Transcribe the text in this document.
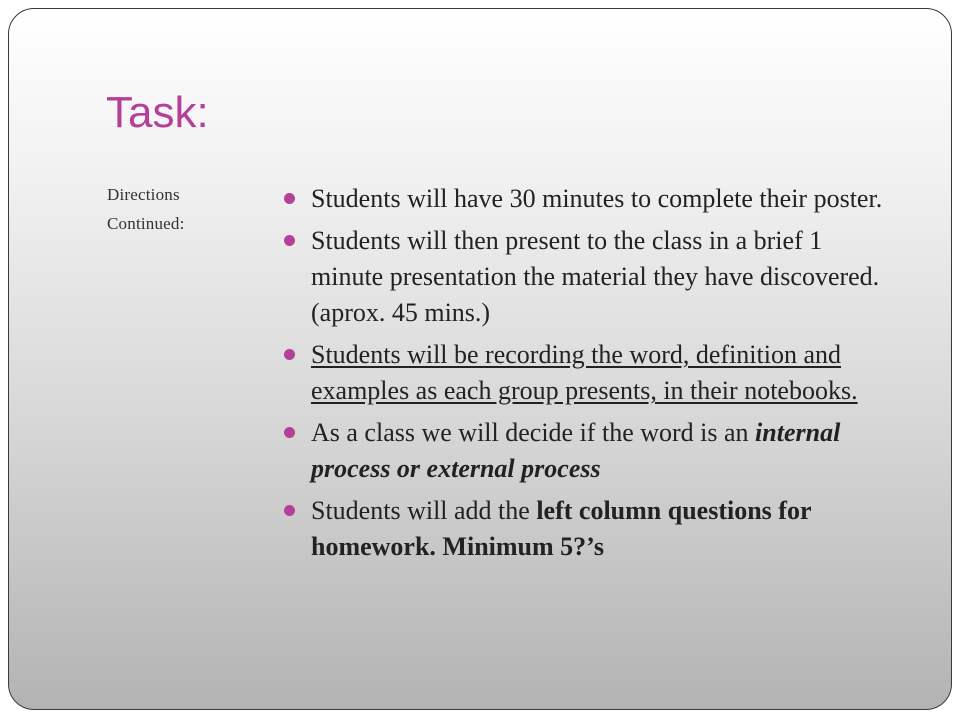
Task:
Directions
Continued:
Students will have 30 minutes to complete their poster.
Students will then present to the class in a brief 1 minute presentation the material they have discovered. (aprox. 45 mins.)
Students will be recording the word, definition and examples as each group presents, in their notebooks.
As a class we will decide if the word is an internal process or external process
Students will add the left column questions for homework. Minimum 5?’s
